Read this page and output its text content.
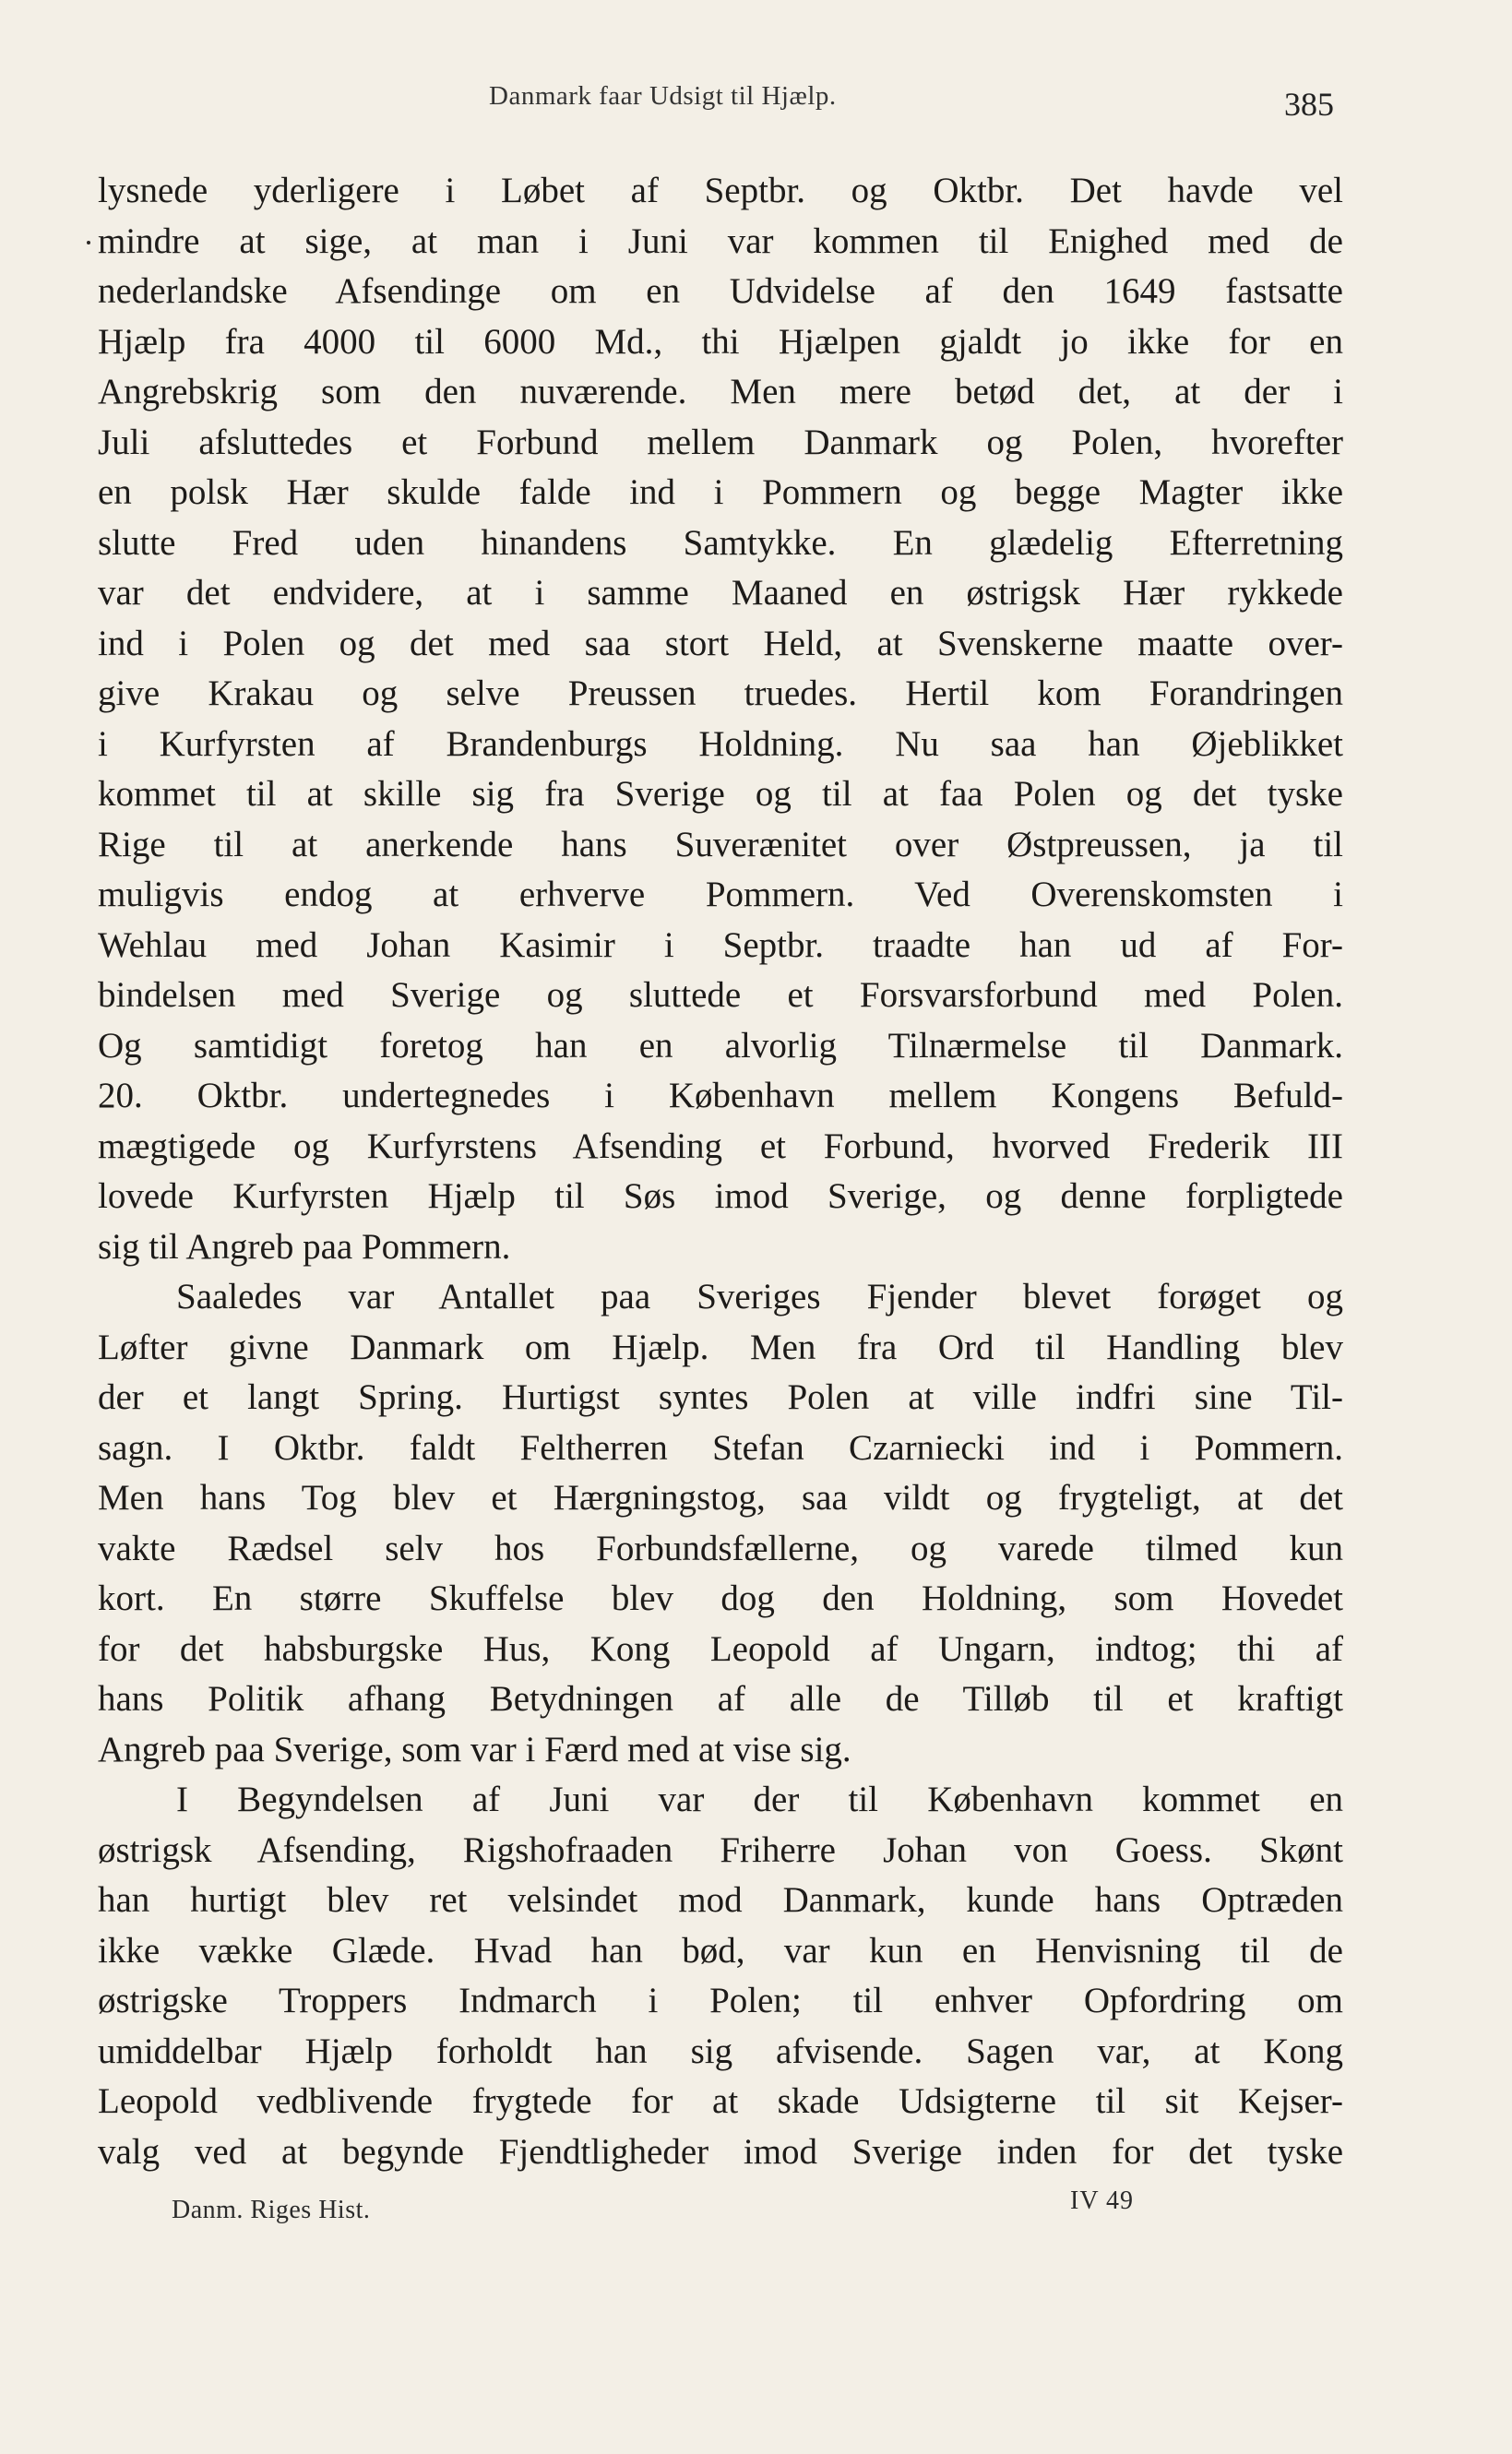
Danmark faar Udsigt til Hjælp.	385
lysnede yderligere i Løbet af Septbr. og Oktbr. Det havde vel
mindre at sige, at man i Juni var kommen til Enighed med de
nederlandske Afsendinge om en Udvidelse af den 1649 fastsatte
Hjælp fra 4000 til 6000 Md., thi Hjælpen gjaldt jo ikke for en
Angrebskrig som den nuværende. Men mere betød det, at der i
Juli afsluttedes et Forbund mellem Danmark og Polen, hvorefter
en polsk Hær skulde falde ind i Pommern og begge Magter ikke
slutte Fred uden hinandens Samtykke. En glædelig Efterretning
var det endvidere, at i samme Maaned en østrigsk Hær rykkede
ind i Polen og det med saa stort Held, at Svenskerne maatte over-
give Krakau og selve Preussen truedes. Hertil kom Forandringen
i Kurfyrsten af Brandenburgs Holdning. Nu saa han Øjeblikket
kommet til at skille sig fra Sverige og til at faa Polen og det tyske
Rige til at anerkende hans Suverænitet over Østpreussen, ja til
muligvis endog at erhverve Pommern. Ved Overenskomsten i
Wehlau med Johan Kasimir i Septbr. traadte han ud af For-
bindelsen med Sverige og sluttede et Forsvarsforbund med Polen.
Og samtidigt foretog han en alvorlig Tilnærmelse til Danmark.
20. Oktbr. undertegnedes i København mellem Kongens Befuld-
mægtigede og Kurfyrstens Afsending et Forbund, hvorved Frederik III
lovede Kurfyrsten Hjælp til Søs imod Sverige, og denne forpligtede
sig til Angreb paa Pommern.
Saaledes var Antallet paa Sveriges Fjender blevet forøget og
Løfter givne Danmark om Hjælp. Men fra Ord til Handling blev
der et langt Spring. Hurtigst syntes Polen at ville indfri sine Til-
sagn. I Oktbr. faldt Feltherren Stefan Czarniecki ind i Pommern.
Men hans Tog blev et Hærgningstog, saa vildt og frygteligt, at det
vakte Rædsel selv hos Forbundsfællerne, og varede tilmed kun
kort. En større Skuffelse blev dog den Holdning, som Hovedet
for det habsburgske Hus, Kong Leopold af Ungarn, indtog; thi af
hans Politik afhang Betydningen af alle de Tilløb til et kraftigt
Angreb paa Sverige, som var i Færd med at vise sig.
I Begyndelsen af Juni var der til København kommet en
østrigsk Afsending, Rigshofraaden Friherre Johan von Goess. Skønt
han hurtigt blev ret velsindet mod Danmark, kunde hans Optræden
ikke vække Glæde. Hvad han bød, var kun en Henvisning til de
østrigske Troppers Indmarch i Polen; til enhver Opfordring om
umiddelbar Hjælp forholdt han sig afvisende. Sagen var, at Kong
Leopold vedblivende frygtede for at skade Udsigterne til sit Kejser-
valg ved at begynde Fjendtligheder imod Sverige inden for det tyske
Danm. Riges Hist.	IV 49
